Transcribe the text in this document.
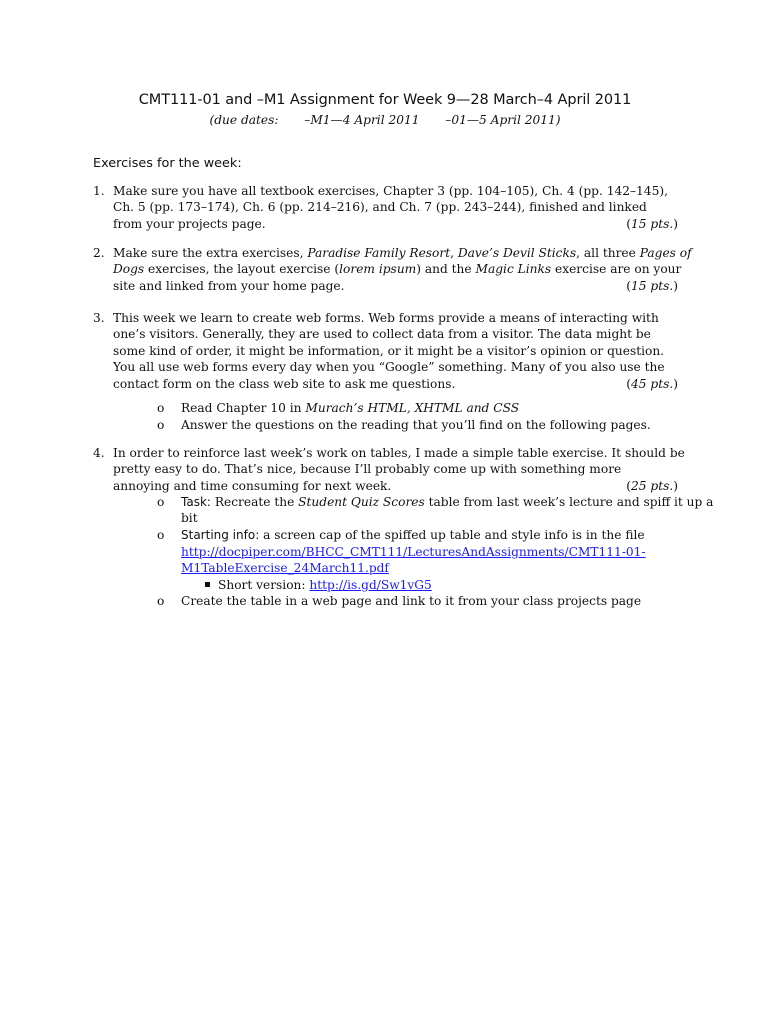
CMT111-01 and –M1 Assignment for Week 9—28 March–4 April 2011
(due dates: –M1—4 April 2011 –01—5 April 2011)
Exercises for the week:
1. Make sure you have all textbook exercises, Chapter 3 (pp. 104–105), Ch. 4 (pp. 142–145),
Ch. 5 (pp. 173–174), Ch. 6 (pp. 214–216), and Ch. 7 (pp. 243–244), finished and linked
from your projects page.	(15 pts.)
2. Make sure the extra exercises, Paradise Family Resort, Dave’s Devil Sticks, all three Pages of
Dogs exercises, the layout exercise (lorem ipsum) and the Magic Links exercise are on your
site and linked from your home page.	(15 pts.)
3. This week we learn to create web forms. Web forms provide a means of interacting with
one’s visitors. Generally, they are used to collect data from a visitor. The data might be
some kind of order, it might be information, or it might be a visitor’s opinion or question.
You all use web forms every day when you “Google” something. Many of you also use the
contact form on the class web site to ask me questions.	(45 pts.)
o	Read Chapter 10 in Murach’s HTML, XHTML and CSS
o	Answer the questions on the reading that you’ll find on the following pages.
4. In order to reinforce last week’s work on tables, I made a simple table exercise. It should be
pretty easy to do. That’s nice, because I’ll probably come up with something more
annoying and time consuming for next week.	(25 pts.)
o	Task: Recreate the Student Quiz Scores table from last week’s lecture and spiff it up a
bit
o	Starting info: a screen cap of the spiffed up table and style info is in the file
http://docpiper.com/BHCC_CMT111/LecturesAndAssignments/CMT111-01-
M1TableExercise_24March11.pdf
Short version: http://is.gd/Sw1vG5
o	Create the table in a web page and link to it from your class projects page
